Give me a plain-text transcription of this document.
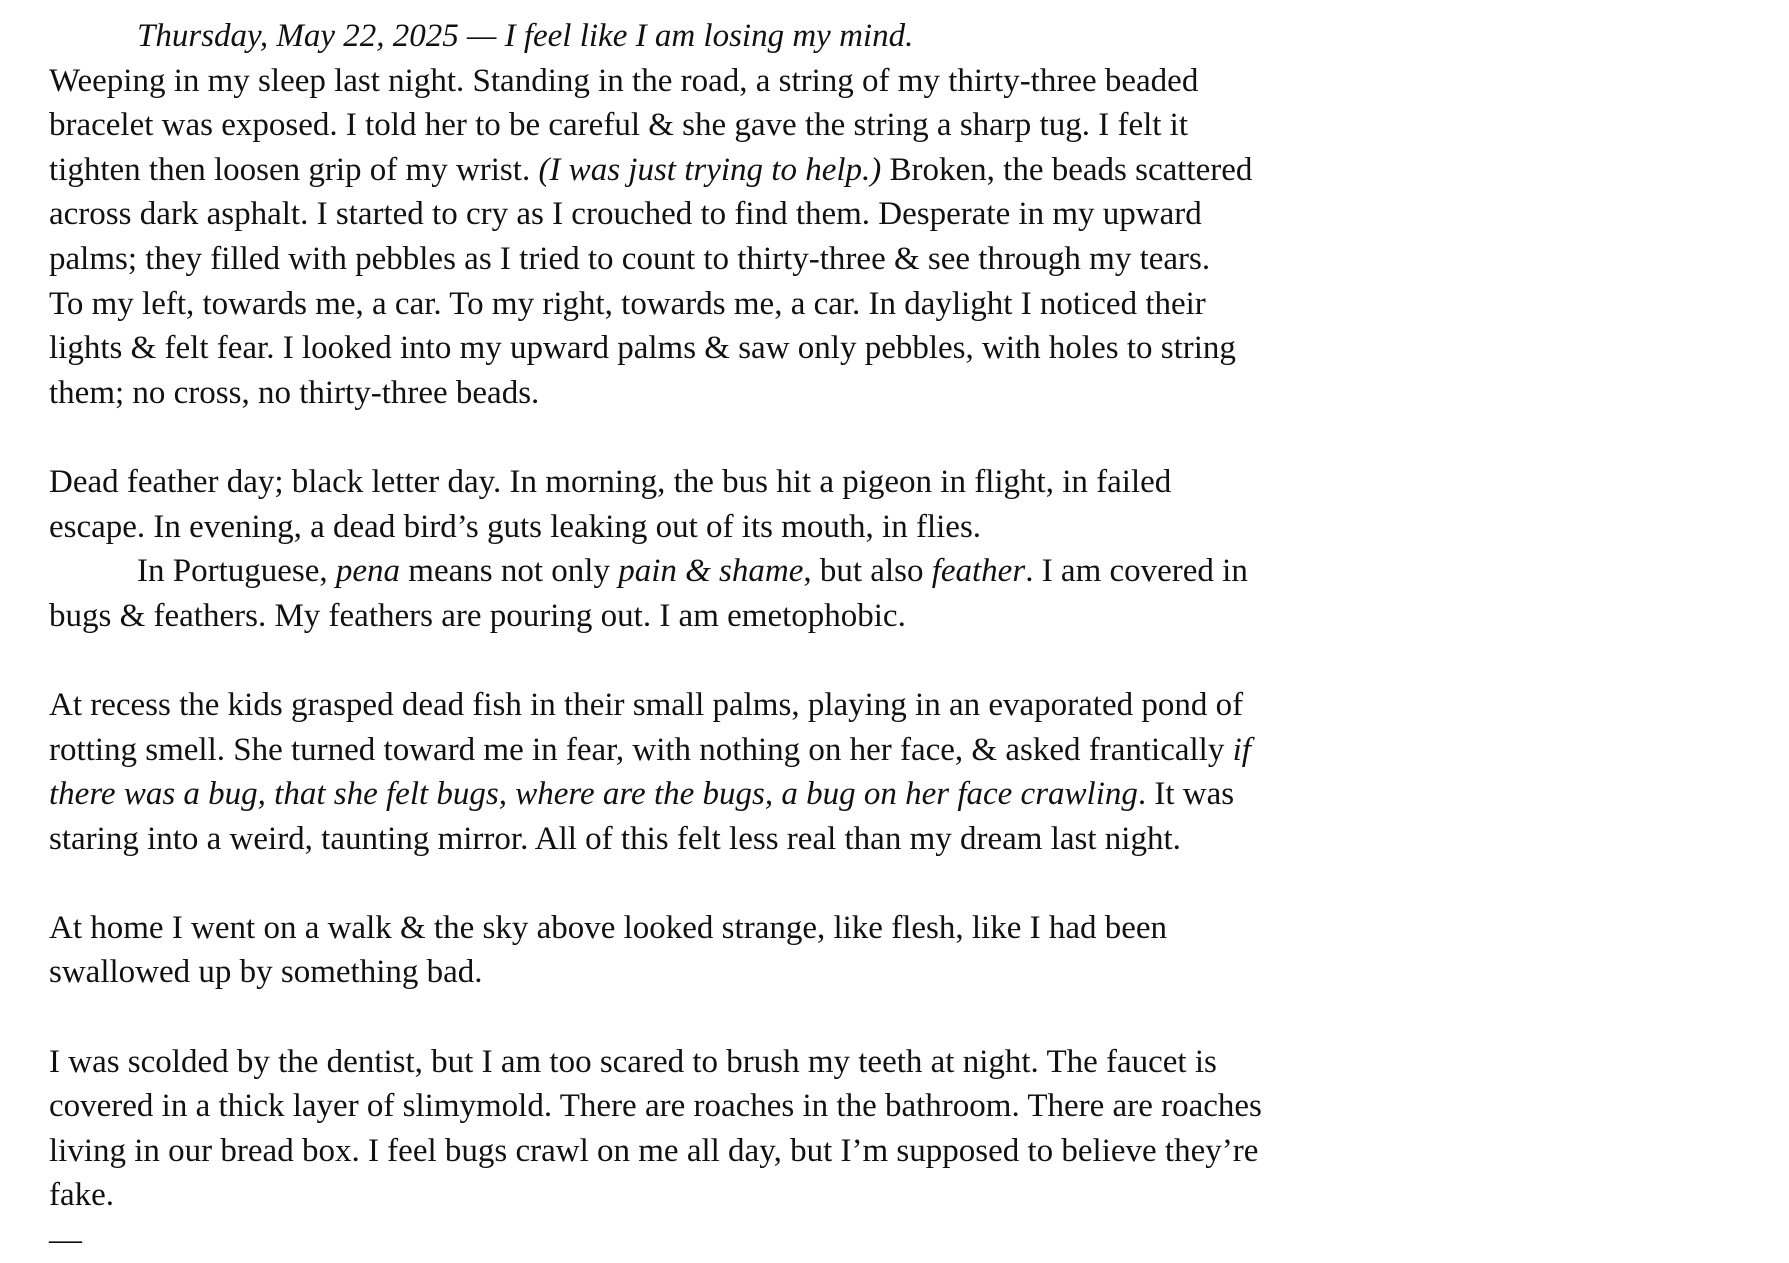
Thursday, May 22, 2025 — I feel like I am losing my mind.
Weeping in my sleep last night. Standing in the road, a string of my thirty-three beaded
bracelet was exposed. I told her to be careful & she gave the string a sharp tug. I felt it
tighten then loosen grip of my wrist. (I was just trying to help.) Broken, the beads scattered
across dark asphalt. I started to cry as I crouched to find them. Desperate in my upward
palms; they filled with pebbles as I tried to count to thirty-three & see through my tears.
To my left, towards me, a car. To my right, towards me, a car. In daylight I noticed their
lights & felt fear. I looked into my upward palms & saw only pebbles, with holes to string
them; no cross, no thirty-three beads.
Dead feather day; black letter day. In morning, the bus hit a pigeon in flight, in failed
escape. In evening, a dead bird’s guts leaking out of its mouth, in flies.
In Portuguese, pena means not only pain & shame, but also feather. I am covered in
bugs & feathers. My feathers are pouring out. I am emetophobic.
At recess the kids grasped dead fish in their small palms, playing in an evaporated pond of
rotting smell. She turned toward me in fear, with nothing on her face, & asked frantically if
there was a bug, that she felt bugs, where are the bugs, a bug on her face crawling. It was
staring into a weird, taunting mirror. All of this felt less real than my dream last night.
At home I went on a walk & the sky above looked strange, like flesh, like I had been
swallowed up by something bad.
I was scolded by the dentist, but I am too scared to brush my teeth at night. The faucet is
covered in a thick layer of slimymold. There are roaches in the bathroom. There are roaches
living in our bread box. I feel bugs crawl on me all day, but I’m supposed to believe they’re
fake.
—
